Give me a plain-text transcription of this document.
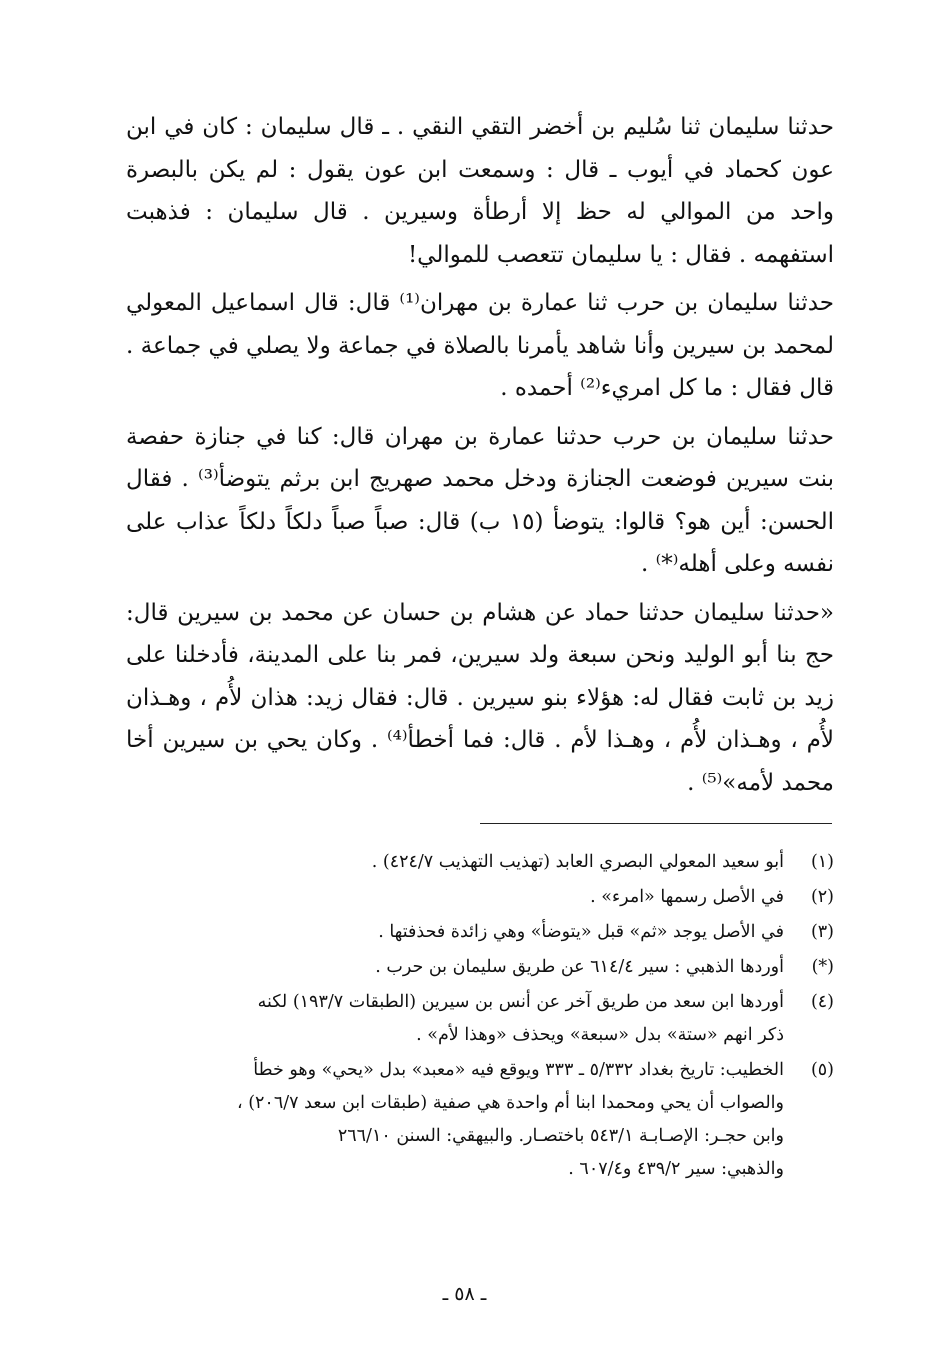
حدثنا سليمان ثنا سُليم بن أخضر التقي النقي . ـ قال سليمان : كان في ابن عون كحماد في أيوب ـ قال : وسمعت ابن عون يقول : لم يكن بالبصرة واحد من الموالي له حظ إلا أرطأة وسيرين . قال سليمان : فذهبت استفهمه . فقال : يا سليمان تتعصب للموالي!

حدثنا سليمان بن حرب ثنا عمارة بن مهران⁽¹⁾ قال: قال اسماعيل المعولي لمحمد بن سيرين وأنا شاهد يأمرنا بالصلاة في جماعة ولا يصلي في جماعة . قال فقال : ما كل امريء⁽²⁾ أحمده .

حدثنا سليمان بن حرب حدثنا عمارة بن مهران قال: كنا في جنازة حفصة بنت سيرين فوضعت الجنازة ودخل محمد صهريج ابن برثم يتوضأ⁽³⁾ . فقال الحسن: أين هو؟ قالوا: يتوضأ (١٥ ب) قال: صباً صباً دلكاً دلكاً عذاب على نفسه وعلى أهله⁽*⁾ .

«حدثنا سليمان حدثنا حماد عن هشام بن حسان عن محمد بن سيرين قال: حج بنا أبو الوليد ونحن سبعة ولد سيرين، فمر بنا على المدينة، فأدخلنا على زيد بن ثابت فقال له: هؤلاء بنو سيرين . قال: فقال زيد: هذان لأُم ، وهـذان لأُم ، وهـذان لأُم ، وهـذا لأم . قال: فما أخطأ⁽⁴⁾ . وكان يحي بن سيرين أخا محمد لأمه»⁽⁵⁾ .

(١)
أبو سعيد المعولي البصري العابد (تهذيب التهذيب ٤٢٤/٧) .
(٢)
في الأصل رسمها «امرء» .
(٣)
في الأصل يوجد «ثم» قبل «يتوضأ» وهي زائدة فحذفتها .
(*)
أوردها الذهبي : سير ٦١٤/٤ عن طريق سليمان بن حرب .
(٤)
أوردها ابن سعد من طريق آخر عن أنس بن سيرين (الطبقات ١٩٣/٧) لكنه
ذكر انهم «ستة» بدل «سبعة» ويحذف «وهذا لأم» .
(٥)
الخطيب: تاريخ بغداد ٥/٣٣٢ ـ ٣٣٣ ويوقع فيه «معبد» بدل «يحي» وهو خطأ
والصواب أن يحي ومحمدا ابنا أم واحدة هي صفية (طبقات ابن سعد ٢٠٦/٧) ،
وابن حجـر: الإصـابـة ٥٤٣/١ باختصـار. والبيهقي: السنن ٢٦٦/١٠
والذهبي: سير ٤٣٩/٢ و٦٠٧/٤ .
ـ ٥٨ ـ
